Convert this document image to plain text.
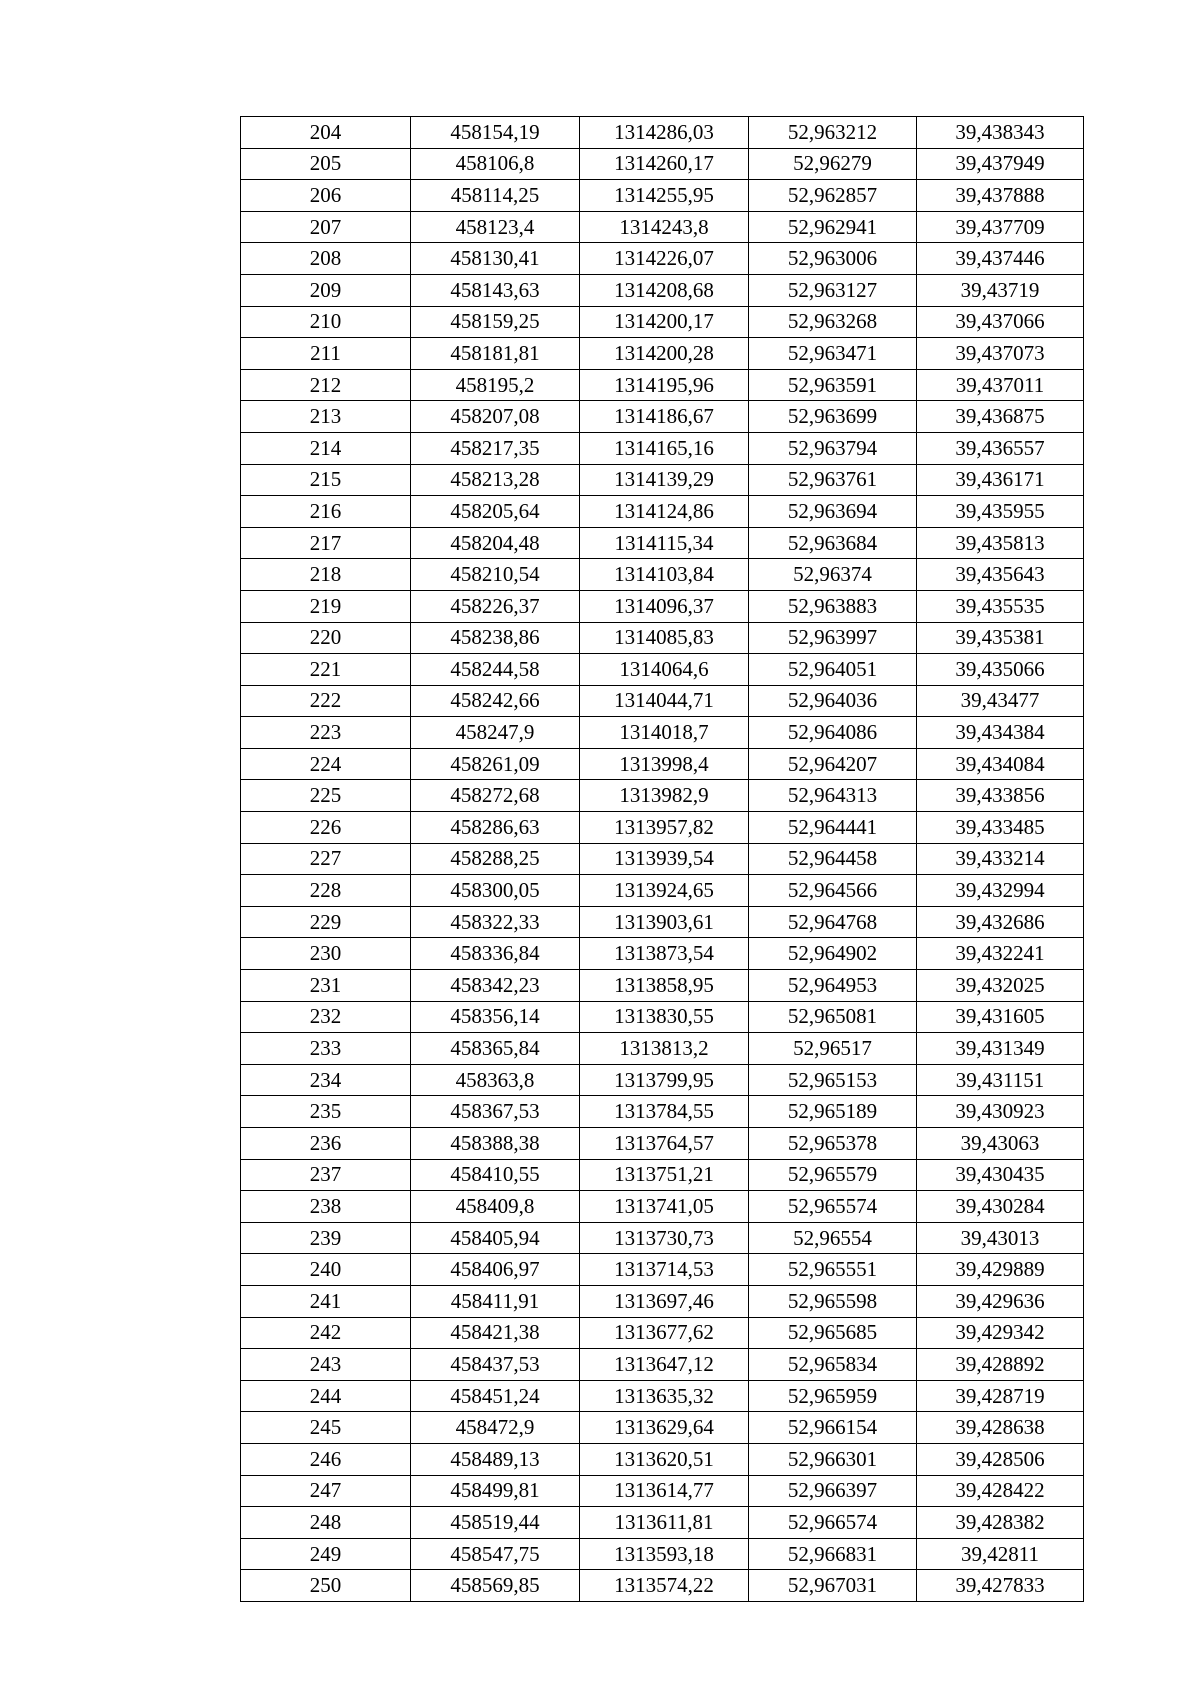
204	458154,19	1314286,03	52,963212	39,438343
205	458106,8	1314260,17	52,96279	39,437949
206	458114,25	1314255,95	52,962857	39,437888
207	458123,4	1314243,8	52,962941	39,437709
208	458130,41	1314226,07	52,963006	39,437446
209	458143,63	1314208,68	52,963127	39,43719
210	458159,25	1314200,17	52,963268	39,437066
211	458181,81	1314200,28	52,963471	39,437073
212	458195,2	1314195,96	52,963591	39,437011
213	458207,08	1314186,67	52,963699	39,436875
214	458217,35	1314165,16	52,963794	39,436557
215	458213,28	1314139,29	52,963761	39,436171
216	458205,64	1314124,86	52,963694	39,435955
217	458204,48	1314115,34	52,963684	39,435813
218	458210,54	1314103,84	52,96374	39,435643
219	458226,37	1314096,37	52,963883	39,435535
220	458238,86	1314085,83	52,963997	39,435381
221	458244,58	1314064,6	52,964051	39,435066
222	458242,66	1314044,71	52,964036	39,43477
223	458247,9	1314018,7	52,964086	39,434384
224	458261,09	1313998,4	52,964207	39,434084
225	458272,68	1313982,9	52,964313	39,433856
226	458286,63	1313957,82	52,964441	39,433485
227	458288,25	1313939,54	52,964458	39,433214
228	458300,05	1313924,65	52,964566	39,432994
229	458322,33	1313903,61	52,964768	39,432686
230	458336,84	1313873,54	52,964902	39,432241
231	458342,23	1313858,95	52,964953	39,432025
232	458356,14	1313830,55	52,965081	39,431605
233	458365,84	1313813,2	52,96517	39,431349
234	458363,8	1313799,95	52,965153	39,431151
235	458367,53	1313784,55	52,965189	39,430923
236	458388,38	1313764,57	52,965378	39,43063
237	458410,55	1313751,21	52,965579	39,430435
238	458409,8	1313741,05	52,965574	39,430284
239	458405,94	1313730,73	52,96554	39,43013
240	458406,97	1313714,53	52,965551	39,429889
241	458411,91	1313697,46	52,965598	39,429636
242	458421,38	1313677,62	52,965685	39,429342
243	458437,53	1313647,12	52,965834	39,428892
244	458451,24	1313635,32	52,965959	39,428719
245	458472,9	1313629,64	52,966154	39,428638
246	458489,13	1313620,51	52,966301	39,428506
247	458499,81	1313614,77	52,966397	39,428422
248	458519,44	1313611,81	52,966574	39,428382
249	458547,75	1313593,18	52,966831	39,42811
250	458569,85	1313574,22	52,967031	39,427833
